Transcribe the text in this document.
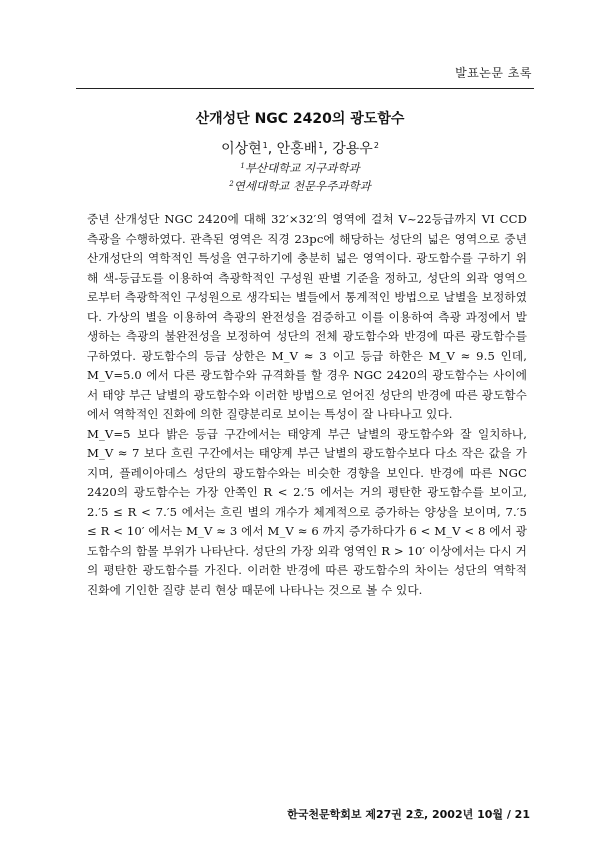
발표논문 초록
산개성단 NGC 2420의 광도함수
이상현$^1$, 안홍배$^1$, 강용우$^2$
$^1$부산대학교 지구과학과
$^2$연세대학교 천문우주과학과

중년 산개성단 NGC 2420에 대해 32′×32′의 영역에 걸쳐 V~22등급까지 VI CCD 측광을 수행하였다. 관측된 영역은 직경 23pc에 해당하는 성단의 넓은 영역으로 중년 산개성단의 역학적인 특성을 연구하기에 충분히 넓은 영역이다. 광도함수를 구하기 위해 색-등급도를 이용하여 측광학적인 구성원 판별 기준을 정하고, 성단의 외곽 영역으로부터 측광학적인 구성원으로 생각되는 별들에서 통계적인 방법으로 날별을 보정하였다. 가상의 별을 이용하여 측광의 완전성을 검증하고 이를 이용하여 측광 과정에서 발생하는 측광의 불완전성을 보정하여 성단의 전체 광도함수와 반경에 따른 광도함수를 구하였다. 광도함수의 등급 상한은 M_V ≈ 3 이고 등급 하한은 M_V ≈ 9.5 인데, M_V=5.0 에서 다른 광도함수와 규격화를 할 경우 NGC 2420의 광도함수는 사이에서 태양 부근 날별의 광도함수와 이러한 방법으로 얻어진 성단의 반경에 따른 광도함수에서 역학적인 진화에 의한 질량분리로 보이는 특성이 잘 나타나고 있다.

M_V=5 보다 밝은 등급 구간에서는 태양계 부근 날별의 광도함수와 잘 일치하나, M_V ≈ 7 보다 흐린 구간에서는 태양계 부근 날별의 광도함수보다 다소 작은 값을 가지며, 플레이아데스 성단의 광도함수와는 비슷한 경향을 보인다. 반경에 따른 NGC 2420의 광도함수는 가장 안쪽인 R < 2.′5 에서는 거의 평탄한 광도함수를 보이고, 2.′5 ≤ R < 7.′5 에서는 흐린 별의 개수가 체계적으로 증가하는 양상을 보이며, 7.′5 ≤ R < 10′ 에서는 M_V ≈ 3 에서 M_V ≈ 6 까지 증가하다가 6 < M_V < 8 에서 광도함수의 함몰 부위가 나타난다. 성단의 가장 외곽 영역인 R > 10′ 이상에서는 다시 거의 평탄한 광도함수를 가진다. 이러한 반경에 따른 광도함수의 차이는 성단의 역학적 진화에 기인한 질량 분리 현상 때문에 나타나는 것으로 볼 수 있다.

한국천문학회보 제27권 2호, 2002년 10월 / 21
